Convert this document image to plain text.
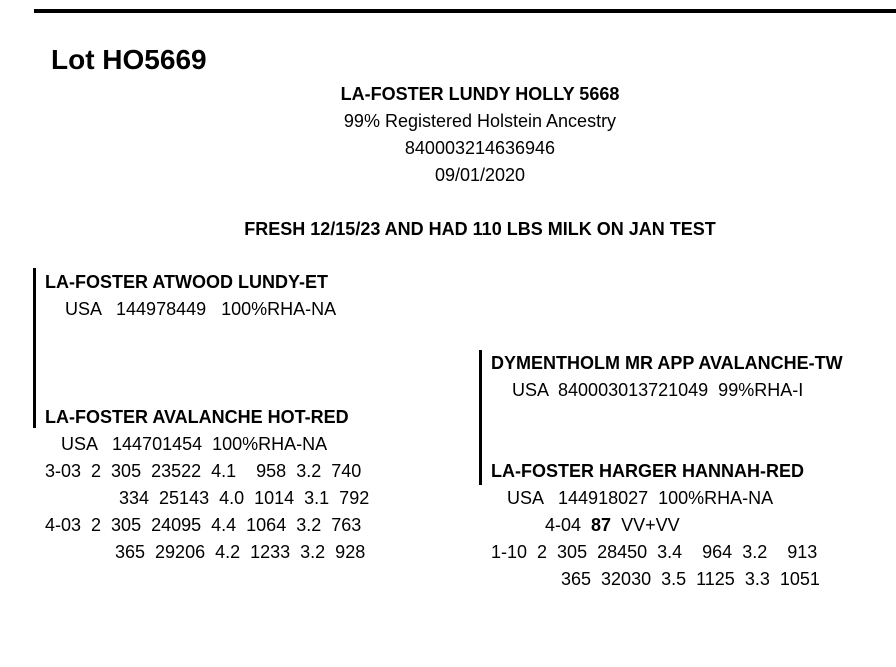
Lot HO5669
LA-FOSTER LUNDY HOLLY 5668
99% Registered Holstein Ancestry
840003214636946
09/01/2020
FRESH 12/15/23 AND HAD 110 LBS MILK ON JAN TEST
LA-FOSTER ATWOOD LUNDY-ET
USA   144978449   100%RHA-NA
DYMENTHOLM MR APP AVALANCHE-TW
USA  840003013721049  99%RHA-I
LA-FOSTER AVALANCHE HOT-RED
USA   144701454  100%RHA-NA
3-03  2  305  23522  4.1    958  3.2  740
334  25143  4.0  1014  3.1  792
4-03  2  305  24095  4.4  1064  3.2  763
365  29206  4.2  1233  3.2  928
LA-FOSTER HARGER HANNAH-RED
USA   144918027  100%RHA-NA
4-04 87 VV+VV
1-10  2  305  28450  3.4    964  3.2    913
365  32030  3.5  1125  3.3  1051
